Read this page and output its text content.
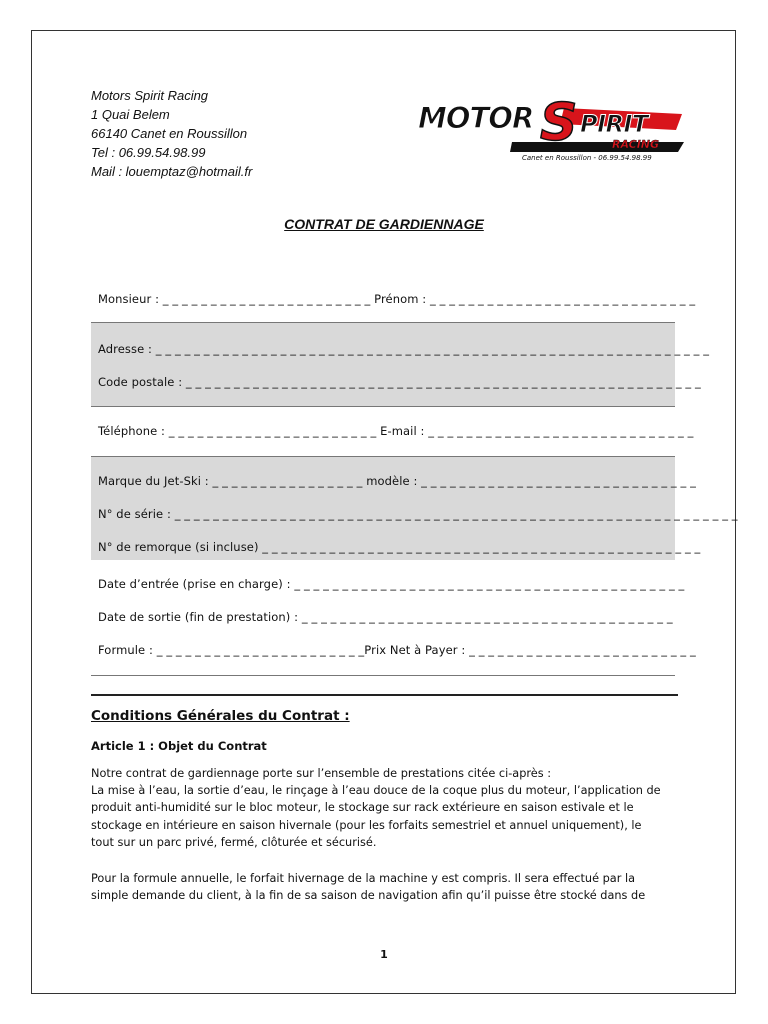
Motors Spirit Racing
1 Quai Belem
66140 Canet en Roussillon
Tel : 06.99.54.98.99
Mail : louemptaz@hotmail.fr
MOTOR S PIRIT
RACING
Canet en Roussillon - 06.99.54.98.99
CONTRAT DE GARDIENNAGE
Monsieur : _ _ _ _ _ _ _ _ _ _ _ _ _ _ _ _ _ _ _ _ _ _ Prénom : _ _ _ _ _ _ _ _ _ _ _ _ _ _ _ _ _ _ _ _ _ _ _ _ _ _ _ _
Adresse : _ _ _ _ _ _ _ _ _ _ _ _ _ _ _ _ _ _ _ _ _ _ _ _ _ _ _ _ _ _ _ _ _ _ _ _ _ _ _ _ _ _ _ _ _ _ _ _ _ _ _ _ _ _ _ _ _ _
Code postale : _ _ _ _ _ _ _ _ _ _ _ _ _ _ _ _ _ _ _ _ _ _ _ _ _ _ _ _ _ _ _ _ _ _ _ _ _ _ _ _ _ _ _ _ _ _ _ _ _ _ _ _ _ _
Téléphone : _ _ _ _ _ _ _ _ _ _ _ _ _ _ _ _ _ _ _ _ _ _ E-mail : _ _ _ _ _ _ _ _ _ _ _ _ _ _ _ _ _ _ _ _ _ _ _ _ _ _ _ _
Marque du Jet-Ski : _ _ _ _ _ _ _ _ _ _ _ _ _ _ _ _ modèle : _ _ _ _ _ _ _ _ _ _ _ _ _ _ _ _ _ _ _ _ _ _ _ _ _ _ _ _ _
N° de série : _ _ _ _ _ _ _ _ _ _ _ _ _ _ _ _ _ _ _ _ _ _ _ _ _ _ _ _ _ _ _ _ _ _ _ _ _ _ _ _ _ _ _ _ _ _ _ _ _ _ _ _ _ _ _ _ _ _ _
N° de remorque (si incluse) _ _ _ _ _ _ _ _ _ _ _ _ _ _ _ _ _ _ _ _ _ _ _ _ _ _ _ _ _ _ _ _ _ _ _ _ _ _ _ _ _ _ _ _ _ _
Date d’entrée (prise en charge) : _ _ _ _ _ _ _ _ _ _ _ _ _ _ _ _ _ _ _ _ _ _ _ _ _ _ _ _ _ _ _ _ _ _ _ _ _ _ _ _ _
Date de sortie (fin de prestation) : _ _ _ _ _ _ _ _ _ _ _ _ _ _ _ _ _ _ _ _ _ _ _ _ _ _ _ _ _ _ _ _ _ _ _ _ _ _ _
Formule : _ _ _ _ _ _ _ _ _ _ _ _ _ _ _ _ _ _ _ _ _ _Prix Net à Payer : _ _ _ _ _ _ _ _ _ _ _ _ _ _ _ _ _ _ _ _ _ _ _ _
Conditions Générales du Contrat :
Article 1 : Objet du Contrat
Notre contrat de gardiennage porte sur l’ensemble de prestations citée ci-après :
La mise à l’eau, la sortie d’eau, le rinçage à l’eau douce de la coque plus du moteur, l’application de
produit anti-humidité sur le bloc moteur, le stockage sur rack extérieure en saison estivale et le
stockage en intérieure en saison hivernale (pour les forfaits semestriel et annuel uniquement), le
tout sur un parc privé, fermé, clôturée et sécurisé.
Pour la formule annuelle, le forfait hivernage de la machine y est compris. Il sera effectué par la
simple demande du client, à la fin de sa saison de navigation afin qu’il puisse être stocké dans de
1
